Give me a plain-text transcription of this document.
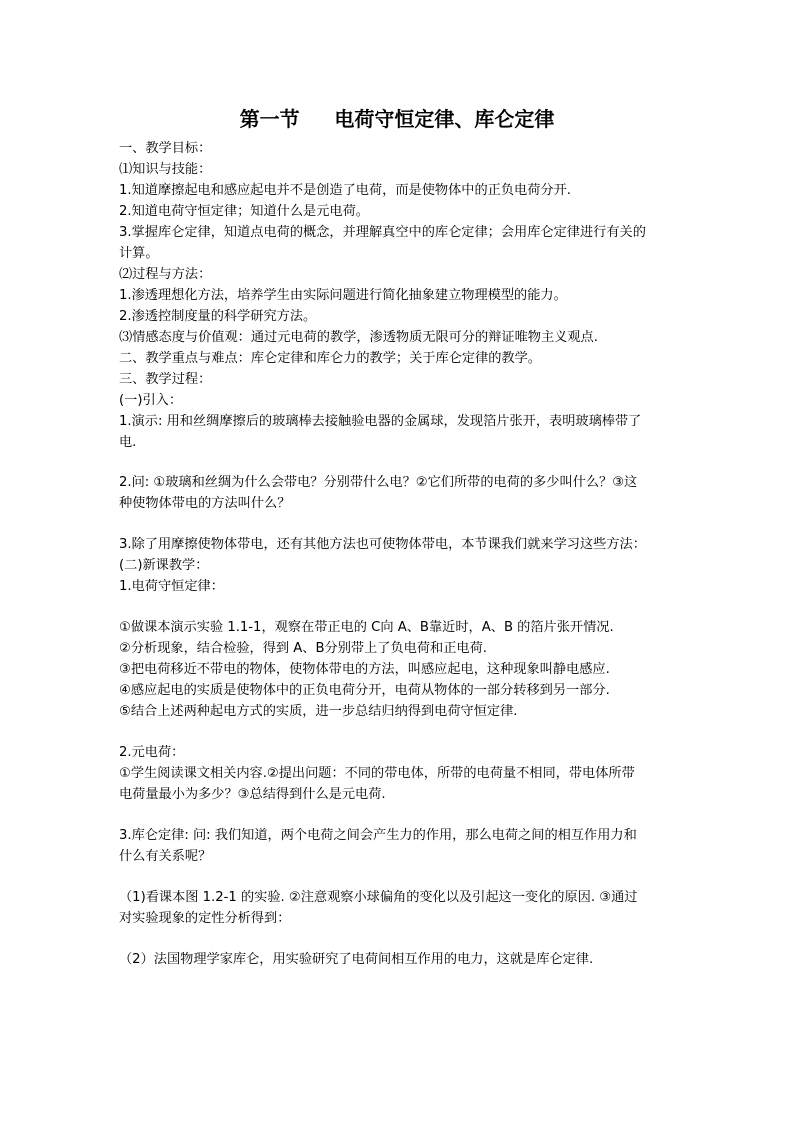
第一节     电荷守恒定律、库仑定律
一、教学目标：
⑴知识与技能：
1.知道摩擦起电和感应起电并不是创造了电荷，而是使物体中的正负电荷分开.
2.知道电荷守恒定律；知道什么是元电荷。
3.掌握库仑定律，知道点电荷的概念，并理解真空中的库仑定律；会用库仑定律进行有关的
计算。
⑵过程与方法：
1.渗透理想化方法，培养学生由实际问题进行简化抽象建立物理模型的能力。
2.渗透控制度量的科学研究方法。
⑶情感态度与价值观：通过元电荷的教学，渗透物质无限可分的辩证唯物主义观点.
二、教学重点与难点：库仑定律和库仑力的教学；关于库仑定律的教学。
三、教学过程：
(一)引入：
1.演示: 用和丝绸摩擦后的玻璃棒去接触验电器的金属球，发现箔片张开，表明玻璃棒带了
电.
2.问: ①玻璃和丝绸为什么会带电？分别带什么电？②它们所带的电荷的多少叫什么？③这
种使物体带电的方法叫什么？
3.除了用摩擦使物体带电，还有其他方法也可使物体带电，本节课我们就来学习这些方法：
(二)新课教学：
1.电荷守恒定律：
①做课本演示实验 1.1-1，观察在带正电的 C向 A、B靠近时，A、B 的箔片张开情况.
②分析现象，结合检验，得到 A、B分别带上了负电荷和正电荷.
③把电荷移近不带电的物体，使物体带电的方法，叫感应起电，这种现象叫静电感应.
④感应起电的实质是使物体中的正负电荷分开，电荷从物体的一部分转移到另一部分.
⑤结合上述两种起电方式的实质，进一步总结归纳得到电荷守恒定律.
2.元电荷：
①学生阅读课文相关内容.②提出问题：不同的带电体，所带的电荷量不相同，带电体所带
电荷量最小为多少？③总结得到什么是元电荷.
3.库仑定律: 问: 我们知道，两个电荷之间会产生力的作用，那么电荷之间的相互作用力和
什么有关系呢？
（1)看课本图 1.2-1 的实验. ②注意观察小球偏角的变化以及引起这一变化的原因. ③通过
对实验现象的定性分析得到：
（2）法国物理学家库仑，用实验研究了电荷间相互作用的电力，这就是库仑定律.
